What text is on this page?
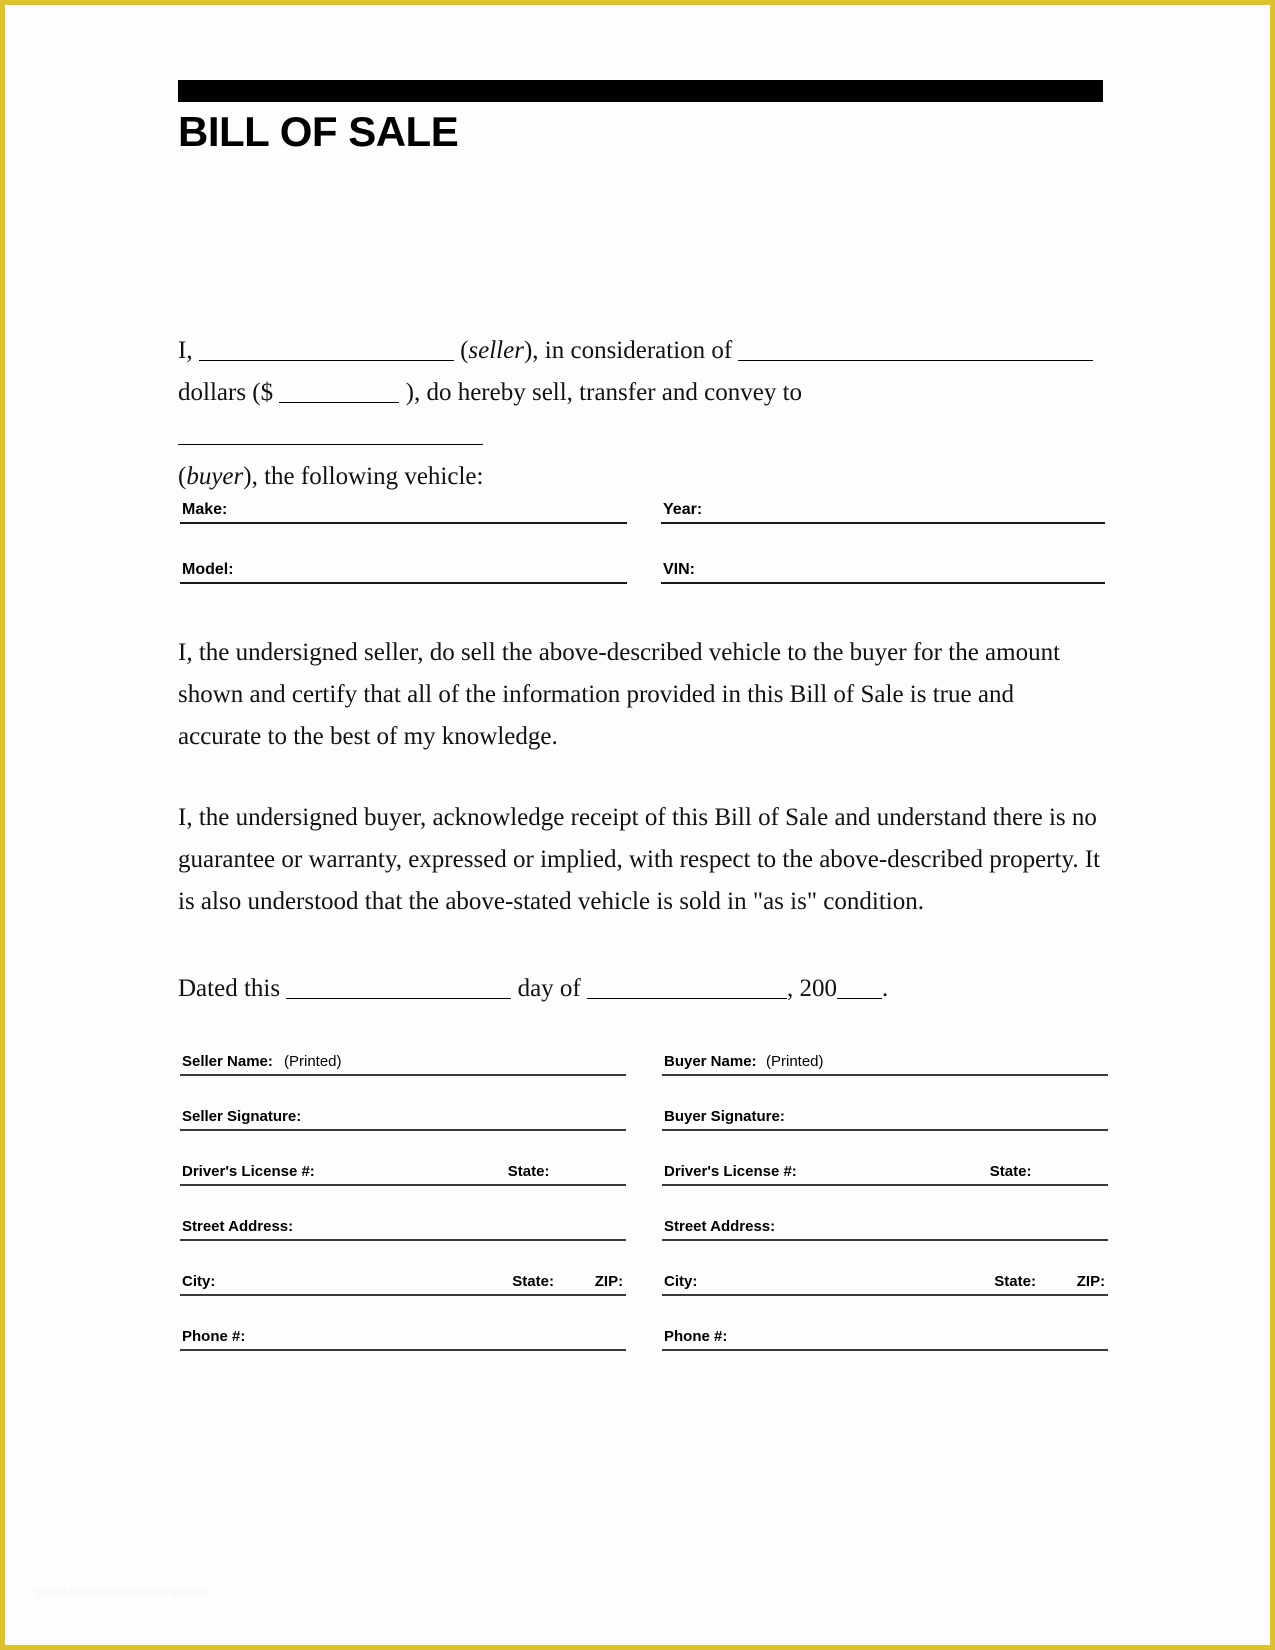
BILL OF SALE
I,	(seller), in consideration of
dollars ($	), do hereby sell, transfer and convey to
(buyer), the following vehicle:
Make:	Year:
Model:	VIN:
I, the undersigned seller, do sell the above-described vehicle to the buyer for the amount shown and certify that all of the information provided in this Bill of Sale is true and accurate to the best of my knowledge.
I, the undersigned buyer, acknowledge receipt of this Bill of Sale and understand there is no guarantee or warranty, expressed or implied, with respect to the above-described property. It is also understood that the above-stated vehicle is sold in "as is" condition.
Dated this	day of	, 200 .
Seller Name: (Printed)
Seller Signature:
Driver's License #:	State:
Street Address:
City:	State:	ZIP:
Phone #:
Buyer Name: (Printed)
Buyer Signature:
Driver's License #:	State:
Street Address:
City:	State:	ZIP:
Phone #:
www.heritagechristiancollege.com
